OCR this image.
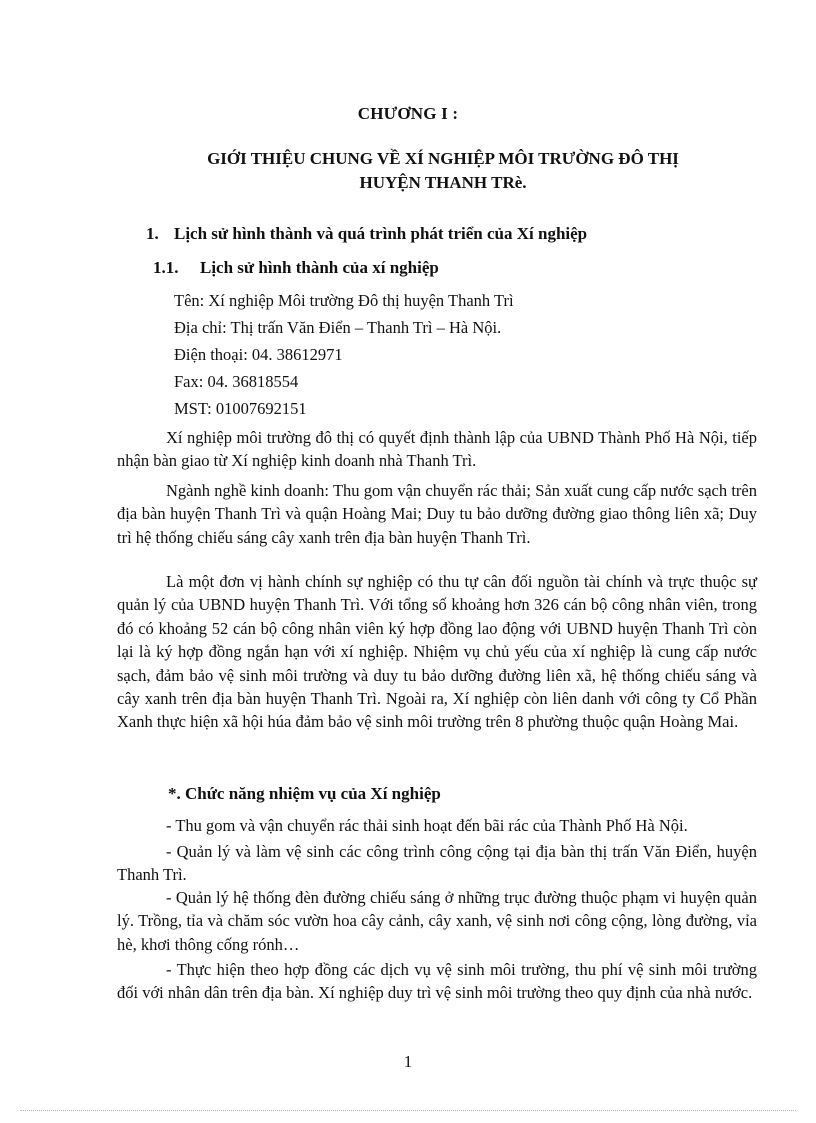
CHƯƠNG I :
GIỚI THIỆU CHUNG VỀ XÍ NGHIỆP MÔI TRƯỜNG ĐÔ THỊ
HUYỆN THANH TRè.
1. Lịch sử hình thành và quá trình phát triển của Xí nghiệp
1.1. Lịch sử hình thành của xí nghiệp
Tên: Xí nghiệp Môi trường Đô thị huyện Thanh Trì
Địa chỉ: Thị trấn Văn Điển – Thanh Trì – Hà Nội.
Điện thoại: 04. 38612971
Fax: 04. 36818554
MST: 01007692151
Xí nghiệp môi trường đô thị có quyết định thành lập của UBND Thành Phố Hà Nội, tiếp nhận bàn giao từ Xí nghiệp kinh doanh nhà Thanh Trì.
Ngành nghề kinh doanh: Thu gom vận chuyển rác thải; Sản xuất cung cấp nước sạch trên địa bàn huyện Thanh Trì và quận Hoàng Mai; Duy tu bảo dưỡng đường giao thông liên xã; Duy trì hệ thống chiếu sáng cây xanh trên địa bàn huyện Thanh Trì.
Là một đơn vị hành chính sự nghiệp có thu tự cân đối nguồn tài chính và trực thuộc sự quản lý của UBND huyện Thanh Trì. Với tổng số khoảng hơn 326 cán bộ công nhân viên, trong đó có khoảng 52 cán bộ công nhân viên ký hợp đồng lao động với UBND huyện Thanh Trì còn lại là ký hợp đồng ngắn hạn với xí nghiệp. Nhiệm vụ chủ yếu của xí nghiệp là cung cấp nước sạch, đảm bảo vệ sinh môi trường và duy tu bảo dưỡng đường liên xã, hệ thống chiếu sáng và cây xanh trên địa bàn huyện Thanh Trì. Ngoài ra, Xí nghiệp còn liên danh với công ty Cổ Phần Xanh thực hiện xã hội húa đảm bảo vệ sinh môi trường trên 8 phường thuộc quận Hoàng Mai.
*. Chức năng nhiệm vụ của Xí nghiệp
- Thu gom và vận chuyển rác thải sinh hoạt đến bãi rác của Thành Phố Hà Nội.
- Quản lý và làm vệ sinh các công trình công cộng tại địa bàn thị trấn Văn Điển, huyện Thanh Trì.
- Quản lý hệ thống đèn đường chiếu sáng ở những trục đường thuộc phạm vi huyện quản lý. Trồng, tỉa và chăm sóc vườn hoa cây cảnh, cây xanh, vệ sinh nơi công cộng, lòng đường, vỉa hè, khơi thông cống rónh…
- Thực hiện theo hợp đồng các dịch vụ vệ sinh môi trường, thu phí vệ sinh môi trường đối với nhân dân trên địa bàn. Xí nghiệp duy trì vệ sinh môi trường theo quy định của nhà nước.
1
